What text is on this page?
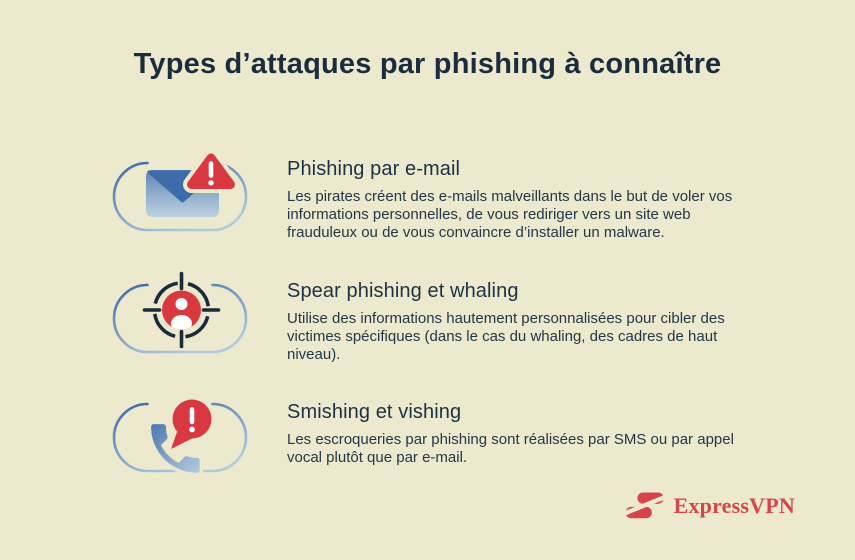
Types d’attaques par phishing à connaître
Phishing par e-mail

Les pirates créent des e-mails malveillants dans le but de voler vos informations personnelles, de vous rediriger vers un site web frauduleux ou de vous convaincre d’installer un malware.

Spear phishing et whaling

Utilise des informations hautement personnalisées pour cibler des victimes spécifiques (dans le cas du whaling, des cadres de haut niveau).

Smishing et vishing

Les escroqueries par phishing sont réalisées par SMS ou par appel vocal plutôt que par e-mail.

ExpressVPN
